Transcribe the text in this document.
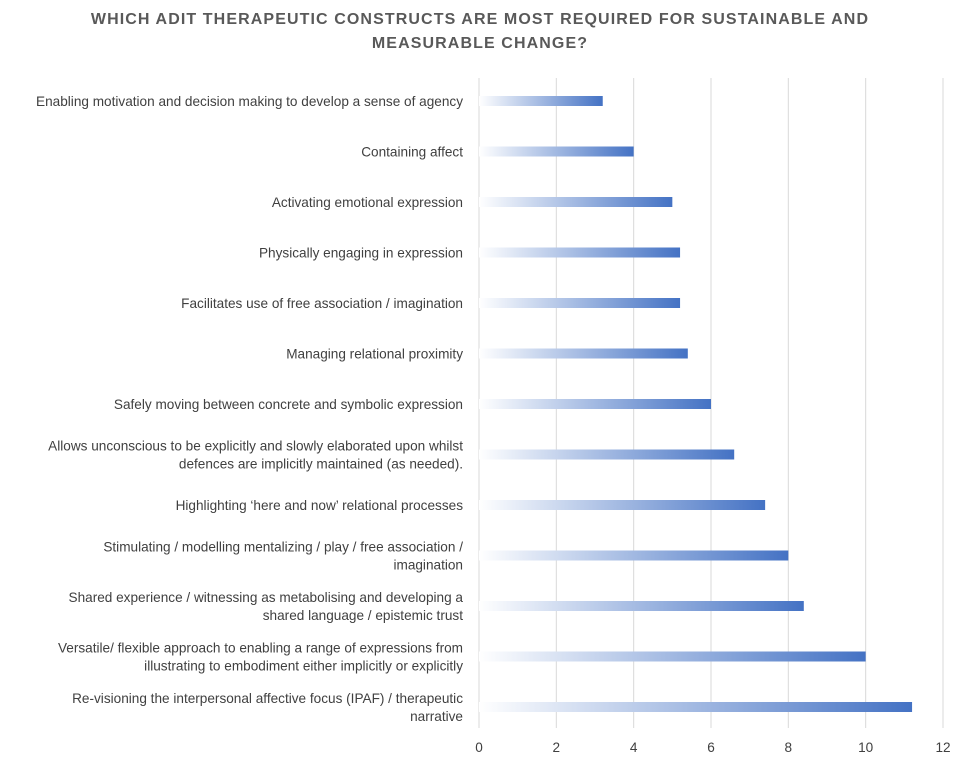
WHICH ADIT THERAPEUTIC CONSTRUCTS ARE MOST REQUIRED FOR SUSTAINABLE AND MEASURABLE CHANGE?
Enabling motivation and decision making to develop a sense of agency
Containing affect
Activating emotional expression
Physically engaging in expression
Facilitates use of free association / imagination
Managing relational proximity
Safely moving between concrete and symbolic expression
Allows unconscious to be explicitly and slowly elaborated upon whilst
defences are implicitly maintained (as needed).
Highlighting ‘here and now’ relational processes
Stimulating / modelling mentalizing / play / free association /
imagination
Shared experience / witnessing as metabolising and developing a
shared language / epistemic trust
Versatile/ flexible approach to enabling a range of expressions from
illustrating to embodiment either implicitly or explicitly
Re-visioning the interpersonal affective focus (IPAF) / therapeutic
narrative
0	2	4	6	8	10	12
